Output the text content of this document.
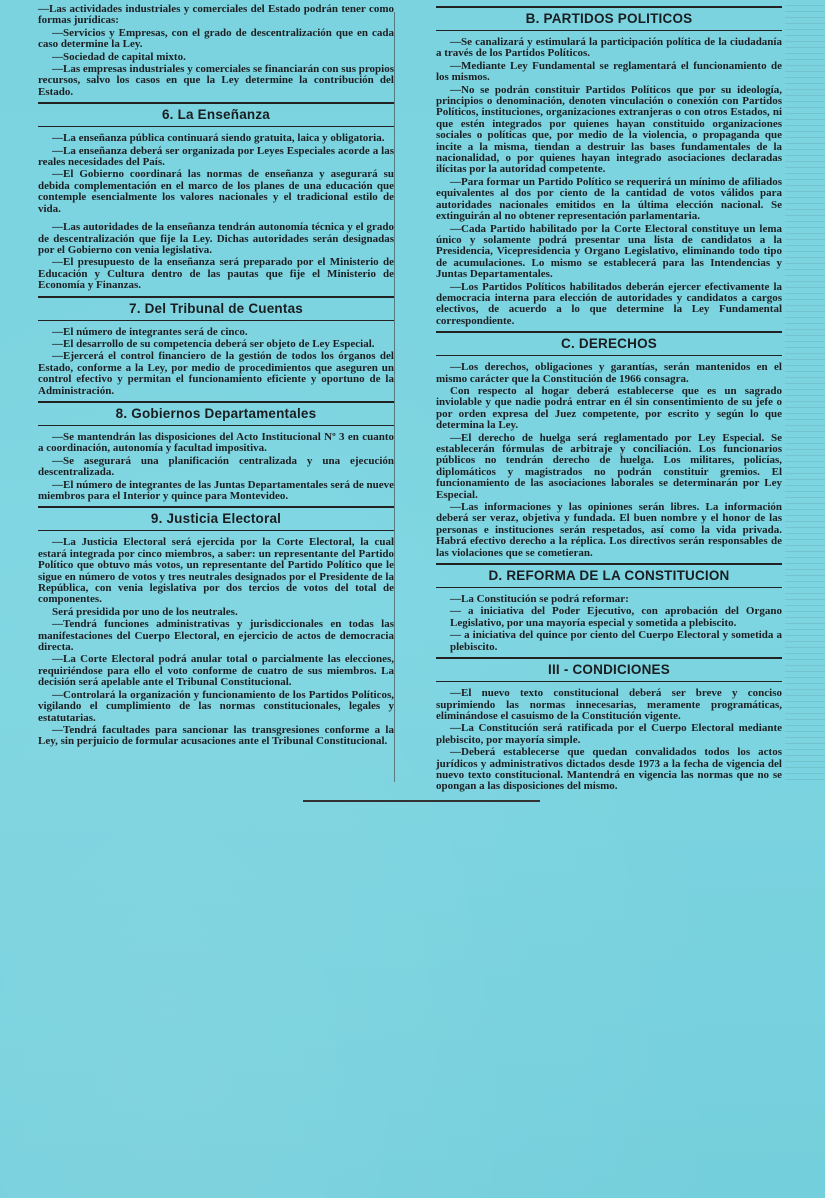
—Las actividades industriales y comerciales del Estado podrán tener como formas jurídicas:

—Servicios y Empresas, con el grado de descentralización que en cada caso determine la Ley.

—Sociedad de capital mixto.

—Las empresas industriales y comerciales se financiarán con sus propios recursos, salvo los casos en que la Ley determine la contribución del Estado.

6. La Enseñanza

—La enseñanza pública continuará siendo gratuita, laica y obligatoria.

—La enseñanza deberá ser organizada por Leyes Especiales acorde a las reales necesidades del País.

—El Gobierno coordinará las normas de enseñanza y asegurará su debida complementación en el marco de los planes de una educación que contemple esencialmente los valores nacionales y el tradicional estilo de vida.

—Las autoridades de la enseñanza tendrán autonomía técnica y el grado de descentralización que fije la Ley. Dichas autoridades serán designadas por el Gobierno con venia legislativa.

—El presupuesto de la enseñanza será preparado por el Ministerio de Educación y Cultura dentro de las pautas que fije el Ministerio de Economía y Finanzas.

7. Del Tribunal de Cuentas

—El número de integrantes será de cinco.

—El desarrollo de su competencia deberá ser objeto de Ley Especial.

—Ejercerá el control financiero de la gestión de todos los órganos del Estado, conforme a la Ley, por medio de procedimientos que aseguren un control efectivo y permitan el funcionamiento eficiente y oportuno de la Administración.

8. Gobiernos Departamentales

—Se mantendrán las disposiciones del Acto Institucional Nº 3 en cuanto a coordinación, autonomía y facultad impositiva.

—Se asegurará una planificación centralizada y una ejecución descentralizada.

—El número de integrantes de las Juntas Departamentales será de nueve miembros para el Interior y quince para Montevideo.

9. Justicia Electoral

—La Justicia Electoral será ejercida por la Corte Electoral, la cual estará integrada por cinco miembros, a saber: un representante del Partido Político que obtuvo más votos, un representante del Partido Político que le sigue en número de votos y tres neutrales designados por el Presidente de la República, con venia legislativa por dos tercios de votos del total de componentes.

Será presidida por uno de los neutrales.

—Tendrá funciones administrativas y jurisdiccionales en todas las manifestaciones del Cuerpo Electoral, en ejercicio de actos de democracia directa.

—La Corte Electoral podrá anular total o parcialmente las elecciones, requiriéndose para ello el voto conforme de cuatro de sus miembros. La decisión será apelable ante el Tribunal Constitucional.

—Controlará la organización y funcionamiento de los Partidos Políticos, vigilando el cumplimiento de las normas constitucionales, legales y estatutarias.

—Tendrá facultades para sancionar las transgresiones conforme a la Ley, sin perjuicio de formular acusaciones ante el Tribunal Constitucional.

B. PARTIDOS POLITICOS

—Se canalizará y estimulará la participación política de la ciudadanía a través de los Partidos Políticos.

—Mediante Ley Fundamental se reglamentará el funcionamiento de los mismos.

—No se podrán constituir Partidos Políticos que por su ideología, principios o denominación, denoten vinculación o conexión con Partidos Políticos, instituciones, organizaciones extranjeras o con otros Estados, ni que estén integrados por quienes hayan constituido organizaciones sociales o políticas que, por medio de la violencia, o propaganda que incite a la misma, tiendan a destruir las bases fundamentales de la nacionalidad, o por quienes hayan integrado asociaciones declaradas ilícitas por la autoridad competente.

—Para formar un Partido Político se requerirá un mínimo de afiliados equivalentes al dos por ciento de la cantidad de votos válidos para autoridades nacionales emitidos en la última elección nacional. Se extinguirán al no obtener representación parlamentaria.

—Cada Partido habilitado por la Corte Electoral constituye un lema único y solamente podrá presentar una lista de candidatos a la Presidencia, Vicepresidencia y Organo Legislativo, eliminando todo tipo de acumulaciones. Lo mismo se establecerá para las Intendencias y Juntas Departamentales.

—Los Partidos Políticos habilitados deberán ejercer efectivamente la democracia interna para elección de autoridades y candidatos a cargos electivos, de acuerdo a lo que determine la Ley Fundamental correspondiente.

C. DERECHOS

—Los derechos, obligaciones y garantías, serán mantenidos en el mismo carácter que la Constitución de 1966 consagra.

Con respecto al hogar deberá establecerse que es un sagrado inviolable y que nadie podrá entrar en él sin consentimiento de su jefe o por orden expresa del Juez competente, por escrito y según lo que determina la Ley.

—El derecho de huelga será reglamentado por Ley Especial. Se establecerán fórmulas de arbitraje y conciliación. Los funcionarios públicos no tendrán derecho de huelga. Los militares, policías, diplomáticos y magistrados no podrán constituir gremios. El funcionamiento de las asociaciones laborales se determinarán por Ley Especial.

—Las informaciones y las opiniones serán libres. La información deberá ser veraz, objetiva y fundada. El buen nombre y el honor de las personas e instituciones serán respetados, así como la vida privada. Habrá efectivo derecho a la réplica. Los directivos serán responsables de las violaciones que se cometieran.

D. REFORMA DE LA CONSTITUCION

—La Constitución se podrá reformar:

— a iniciativa del Poder Ejecutivo, con aprobación del Organo Legislativo, por una mayoría especial y sometida a plebiscito.

— a iniciativa del quince por ciento del Cuerpo Electoral y sometida a plebiscito.

III - CONDICIONES

—El nuevo texto constitucional deberá ser breve y conciso suprimiendo las normas innecesarias, meramente programáticas, eliminándose el casuismo de la Constitución vigente.

—La Constitución será ratificada por el Cuerpo Electoral mediante plebiscito, por mayoría simple.

—Deberá establecerse que quedan convalidados todos los actos jurídicos y administrativos dictados desde 1973 a la fecha de vigencia del nuevo texto constitucional. Mantendrá en vigencia las normas que no se opongan a las disposiciones del mismo.
